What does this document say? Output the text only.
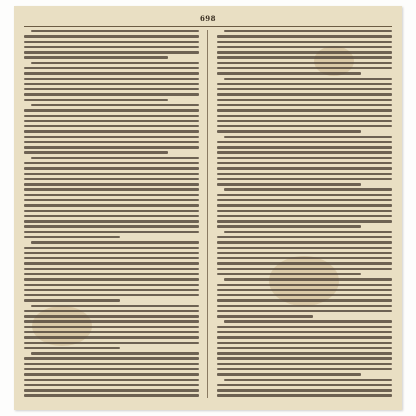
698
